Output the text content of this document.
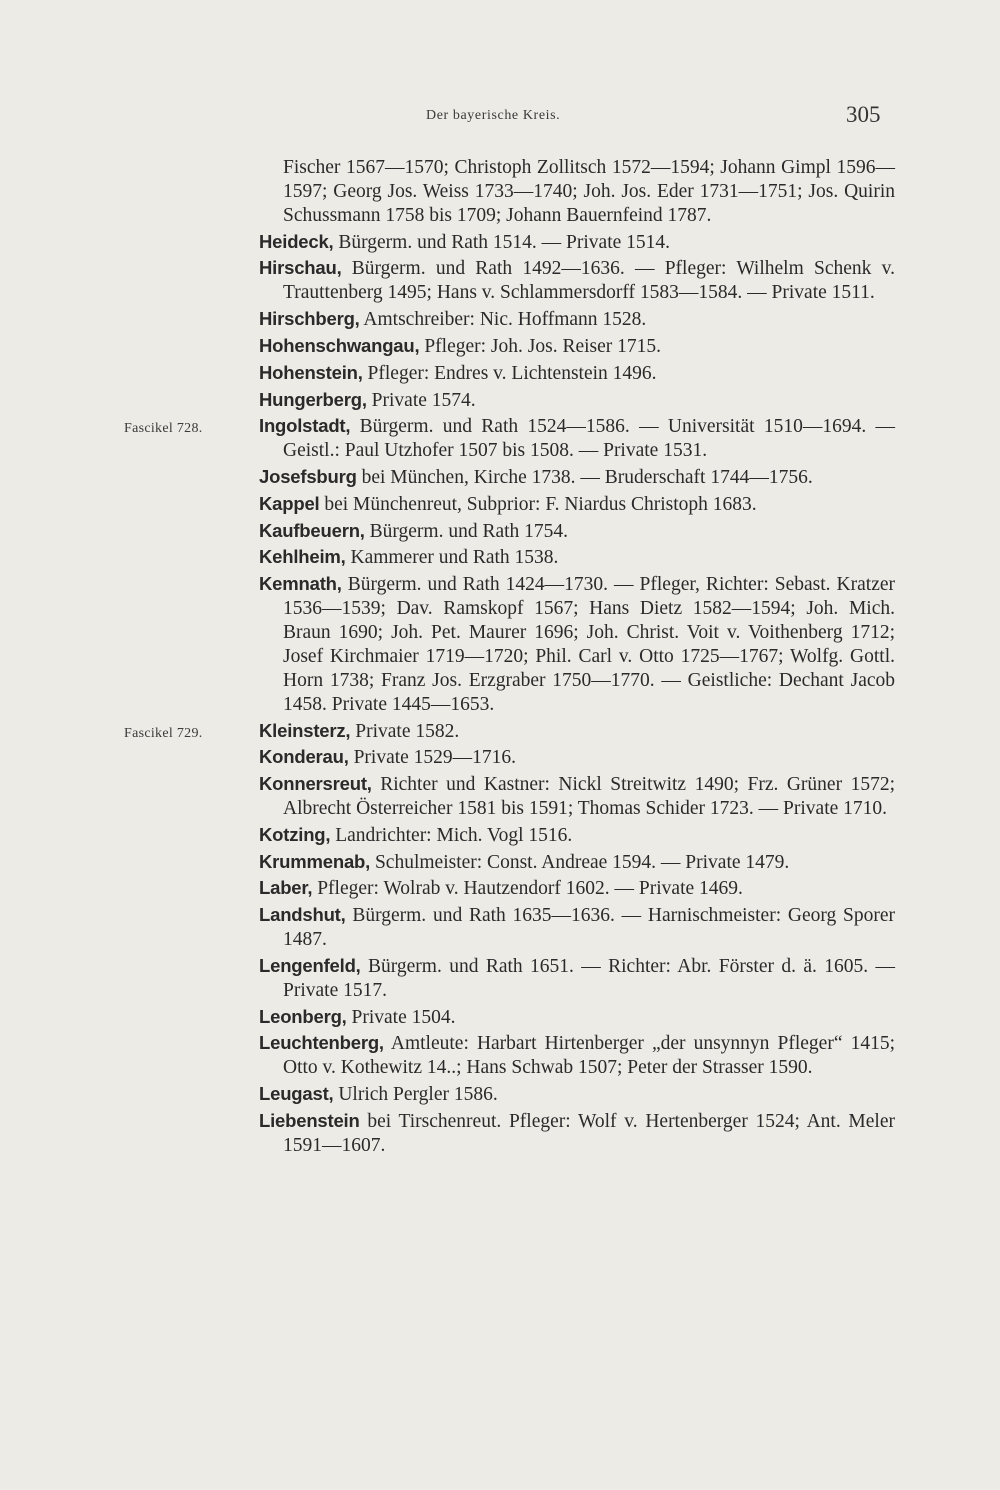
Der bayerische Kreis.	305

Fischer 1567—1570; Christoph Zollitsch 1572—1594; Johann Gimpl 1596—1597; Georg Jos. Weiss 1733—1740; Joh. Jos. Eder 1731—1751; Jos. Quirin Schussmann 1758 bis 1709; Johann Bauernfeind 1787.

Heideck, Bürgerm. und Rath 1514. — Private 1514.

Hirschau, Bürgerm. und Rath 1492—1636. — Pfleger: Wilhelm Schenk v. Trauttenberg 1495; Hans v. Schlammersdorff 1583—1584. — Private 1511.

Hirschberg, Amtschreiber: Nic. Hoffmann 1528.

Hohenschwangau, Pfleger: Joh. Jos. Reiser 1715.

Hohenstein, Pfleger: Endres v. Lichtenstein 1496.

Hungerberg, Private 1574.

Fascikel 728.	Ingolstadt, Bürgerm. und Rath 1524—1586. — Universität 1510—1694. — Geistl.: Paul Utzhofer 1507 bis 1508. — Private 1531.

Josefsburg bei München, Kirche 1738. — Bruderschaft 1744—1756.

Kappel bei Münchenreut, Subprior: F. Niardus Christoph 1683.

Kaufbeuern, Bürgerm. und Rath 1754.

Kehlheim, Kammerer und Rath 1538.

Kemnath, Bürgerm. und Rath 1424—1730. — Pfleger, Richter: Sebast. Kratzer 1536—1539; Dav. Ramskopf 1567; Hans Dietz 1582—1594; Joh. Mich. Braun 1690; Joh. Pet. Maurer 1696; Joh. Christ. Voit v. Voithenberg 1712; Josef Kirchmaier 1719—1720; Phil. Carl v. Otto 1725—1767; Wolfg. Gottl. Horn 1738; Franz Jos. Erzgraber 1750—1770. — Geistliche: Dechant Jacob 1458. Private 1445—1653.

Fascikel 729.	Kleinsterz, Private 1582.

Konderau, Private 1529—1716.

Konnersreut, Richter und Kastner: Nickl Streitwitz 1490; Frz. Grüner 1572; Albrecht Österreicher 1581 bis 1591; Thomas Schider 1723. — Private 1710.

Kotzing, Landrichter: Mich. Vogl 1516.

Krummenab, Schulmeister: Const. Andreae 1594. — Private 1479.

Laber, Pfleger: Wolrab v. Hautzendorf 1602. — Private 1469.

Landshut, Bürgerm. und Rath 1635—1636. — Harnischmeister: Georg Sporer 1487.

Lengenfeld, Bürgerm. und Rath 1651. — Richter: Abr. Förster d. ä. 1605. — Private 1517.

Leonberg, Private 1504.

Leuchtenberg, Amtleute: Harbart Hirtenberger „der unsynnyn Pfleger“ 1415; Otto v. Kothewitz 14..; Hans Schwab 1507; Peter der Strasser 1590.

Leugast, Ulrich Pergler 1586.

Liebenstein bei Tirschenreut. Pfleger: Wolf v. Hertenberger 1524; Ant. Meler 1591—1607.
